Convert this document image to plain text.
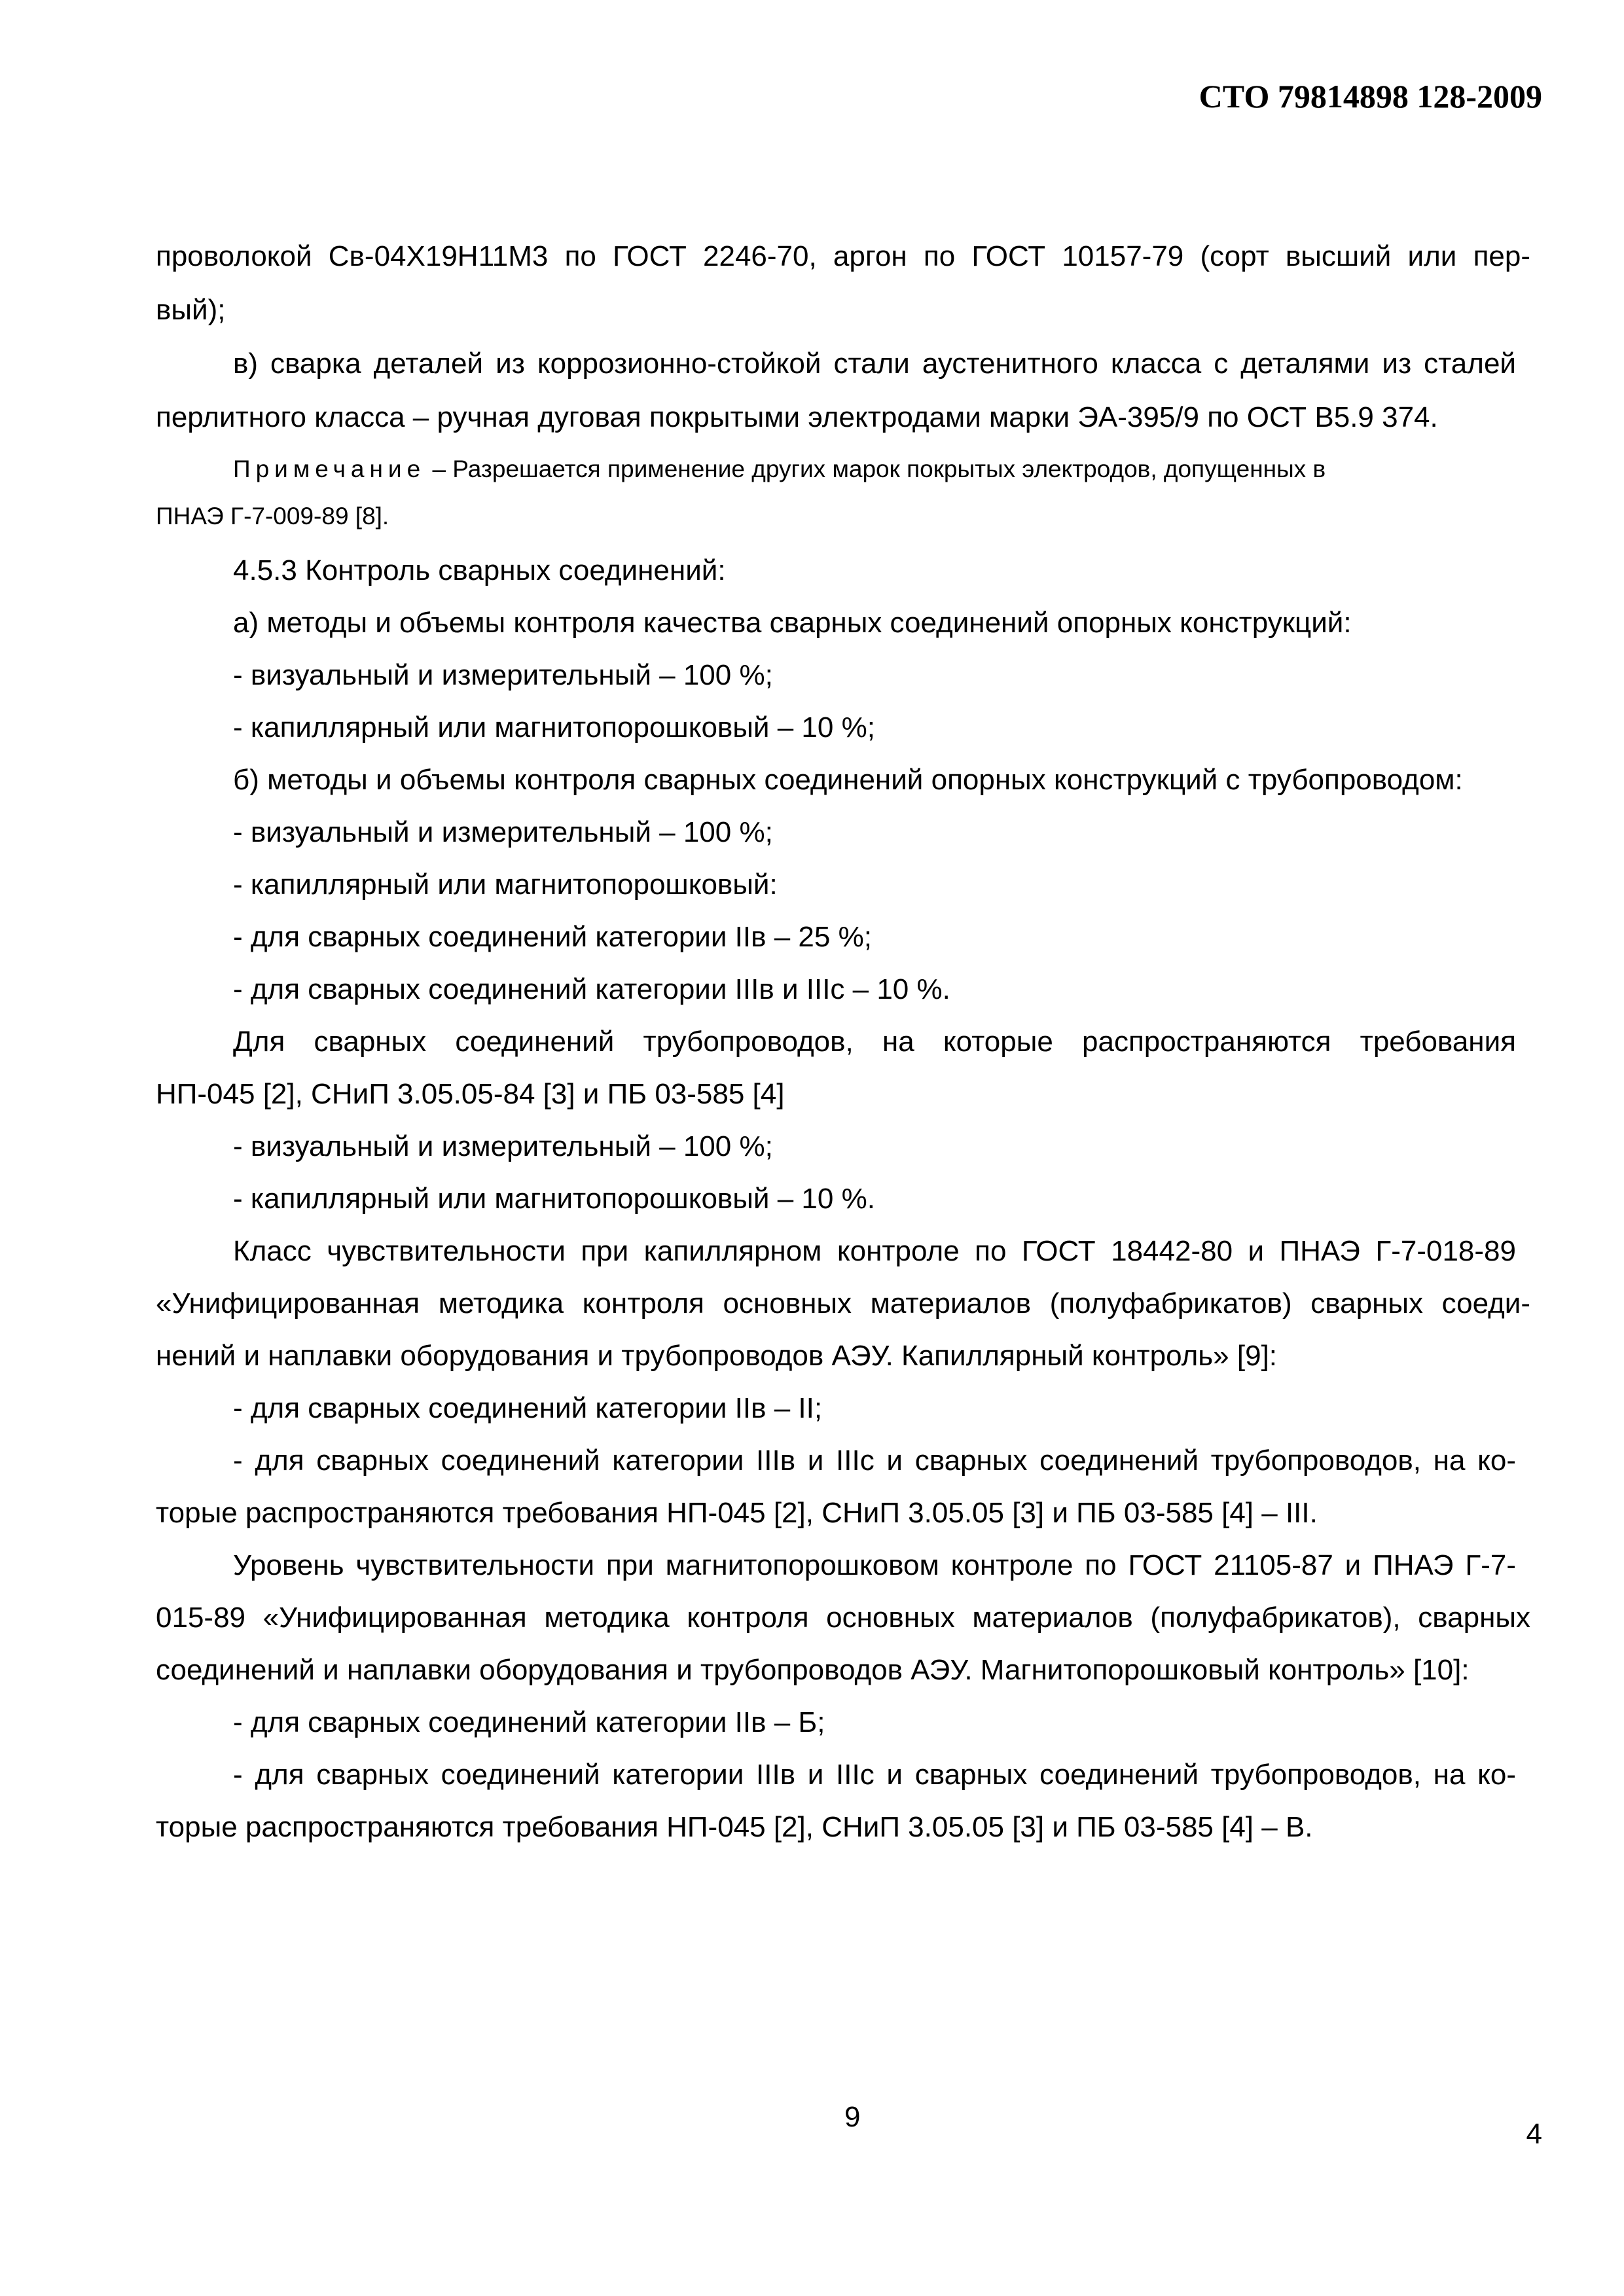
СТО 79814898 128-2009
проволокой Св-04Х19Н11М3 по ГОСТ 2246-70, аргон по ГОСТ 10157-79 (сорт высший или пер-
вый);
в) сварка деталей из коррозионно-стойкой стали аустенитного класса с деталями из сталей
перлитного класса – ручная дуговая покрытыми электродами марки ЭА-395/9 по ОСТ В5.9 374.
Примечание – Разрешается применение других марок покрытых электродов, допущенных в
ПНАЭ Г-7-009-89 [8].
4.5.3 Контроль сварных соединений:
а) методы и объемы контроля качества сварных соединений опорных конструкций:
- визуальный и измерительный – 100 %;
- капиллярный или магнитопорошковый – 10 %;
б) методы и объемы контроля сварных соединений опорных конструкций с трубопроводом:
- визуальный и измерительный – 100 %;
- капиллярный или магнитопорошковый:
- для сварных соединений категории IIв – 25 %;
- для сварных соединений категории IIIв и IIIс – 10 %.
Для сварных соединений трубопроводов, на которые распространяются требования
НП-045 [2], СНиП 3.05.05-84 [3] и ПБ 03-585 [4]
- визуальный и измерительный – 100 %;
- капиллярный или магнитопорошковый – 10 %.
Класс чувствительности при капиллярном контроле по ГОСТ 18442-80 и ПНАЭ Г-7-018-89
«Унифицированная методика контроля основных материалов (полуфабрикатов) сварных соеди-
нений и наплавки оборудования и трубопроводов АЭУ. Капиллярный контроль» [9]:
- для сварных соединений категории IIв – II;
- для сварных соединений категории IIIв и IIIс и сварных соединений трубопроводов, на ко-
торые распространяются требования НП-045 [2], СНиП 3.05.05 [3] и ПБ 03-585 [4] – III.
Уровень чувствительности при магнитопорошковом контроле по ГОСТ 21105-87 и ПНАЭ Г-7-
015-89 «Унифицированная методика контроля основных материалов (полуфабрикатов), сварных
соединений и наплавки оборудования и трубопроводов АЭУ. Магнитопорошковый контроль» [10]:
- для сварных соединений категории IIв – Б;
- для сварных соединений категории IIIв и IIIс и сварных соединений трубопроводов, на ко-
торые распространяются требования НП-045 [2], СНиП 3.05.05 [3] и ПБ 03-585 [4] – В.
9
4
